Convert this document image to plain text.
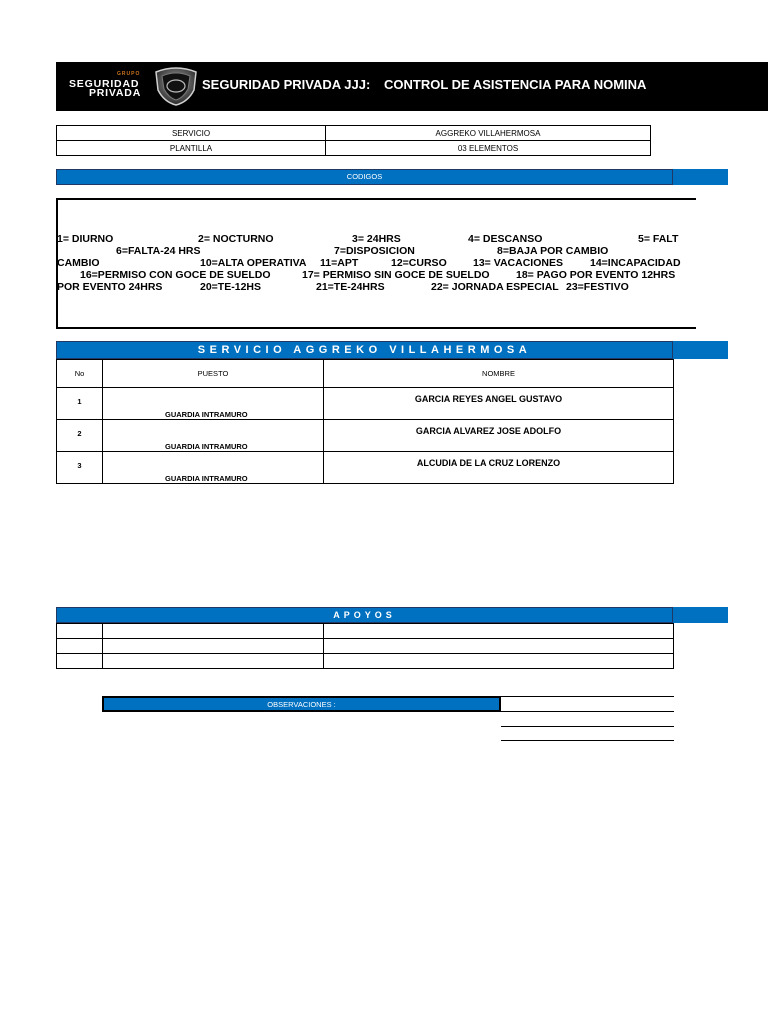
GRUPO
SEGURIDAD
PRIVADA
SEGURIDAD PRIVADA JJJ: CONTROL DE ASISTENCIA PARA NOMINA
SERVICIO	AGGREKO VILLAHERMOSA
PLANTILLA	03 ELEMENTOS
CODIGOS
1= DIURNO	2= NOCTURNO	3= 24HRS	4= DESCANSO	5= FALT
6=FALTA-24 HRS	7=DISPOSICION	8=BAJA POR CAMBIO
CAMBIO	10=ALTA OPERATIVA 11=APT	12=CURSO	13= VACACIONES	14=INCAPACIDAD
16=PERMISO CON GOCE DE SUELDO	17= PERMISO SIN GOCE DE SUELDO	18= PAGO POR EVENTO 12HRS
POR EVENTO 24HRS	20=TE-12HS	21=TE-24HRS	22= JORNADA ESPECIAL 23=FESTIVO
SERVICIO AGGREKO VILLAHERMOSA
No	PUESTO	NOMBRE
1	GUARDIA INTRAMURO	GARCIA REYES ANGEL GUSTAVO
2	GUARDIA INTRAMURO	GARCIA ALVAREZ JOSE ADOLFO
3	GUARDIA INTRAMURO	ALCUDIA DE LA CRUZ LORENZO
APOYOS

OBSERVACIONES :
